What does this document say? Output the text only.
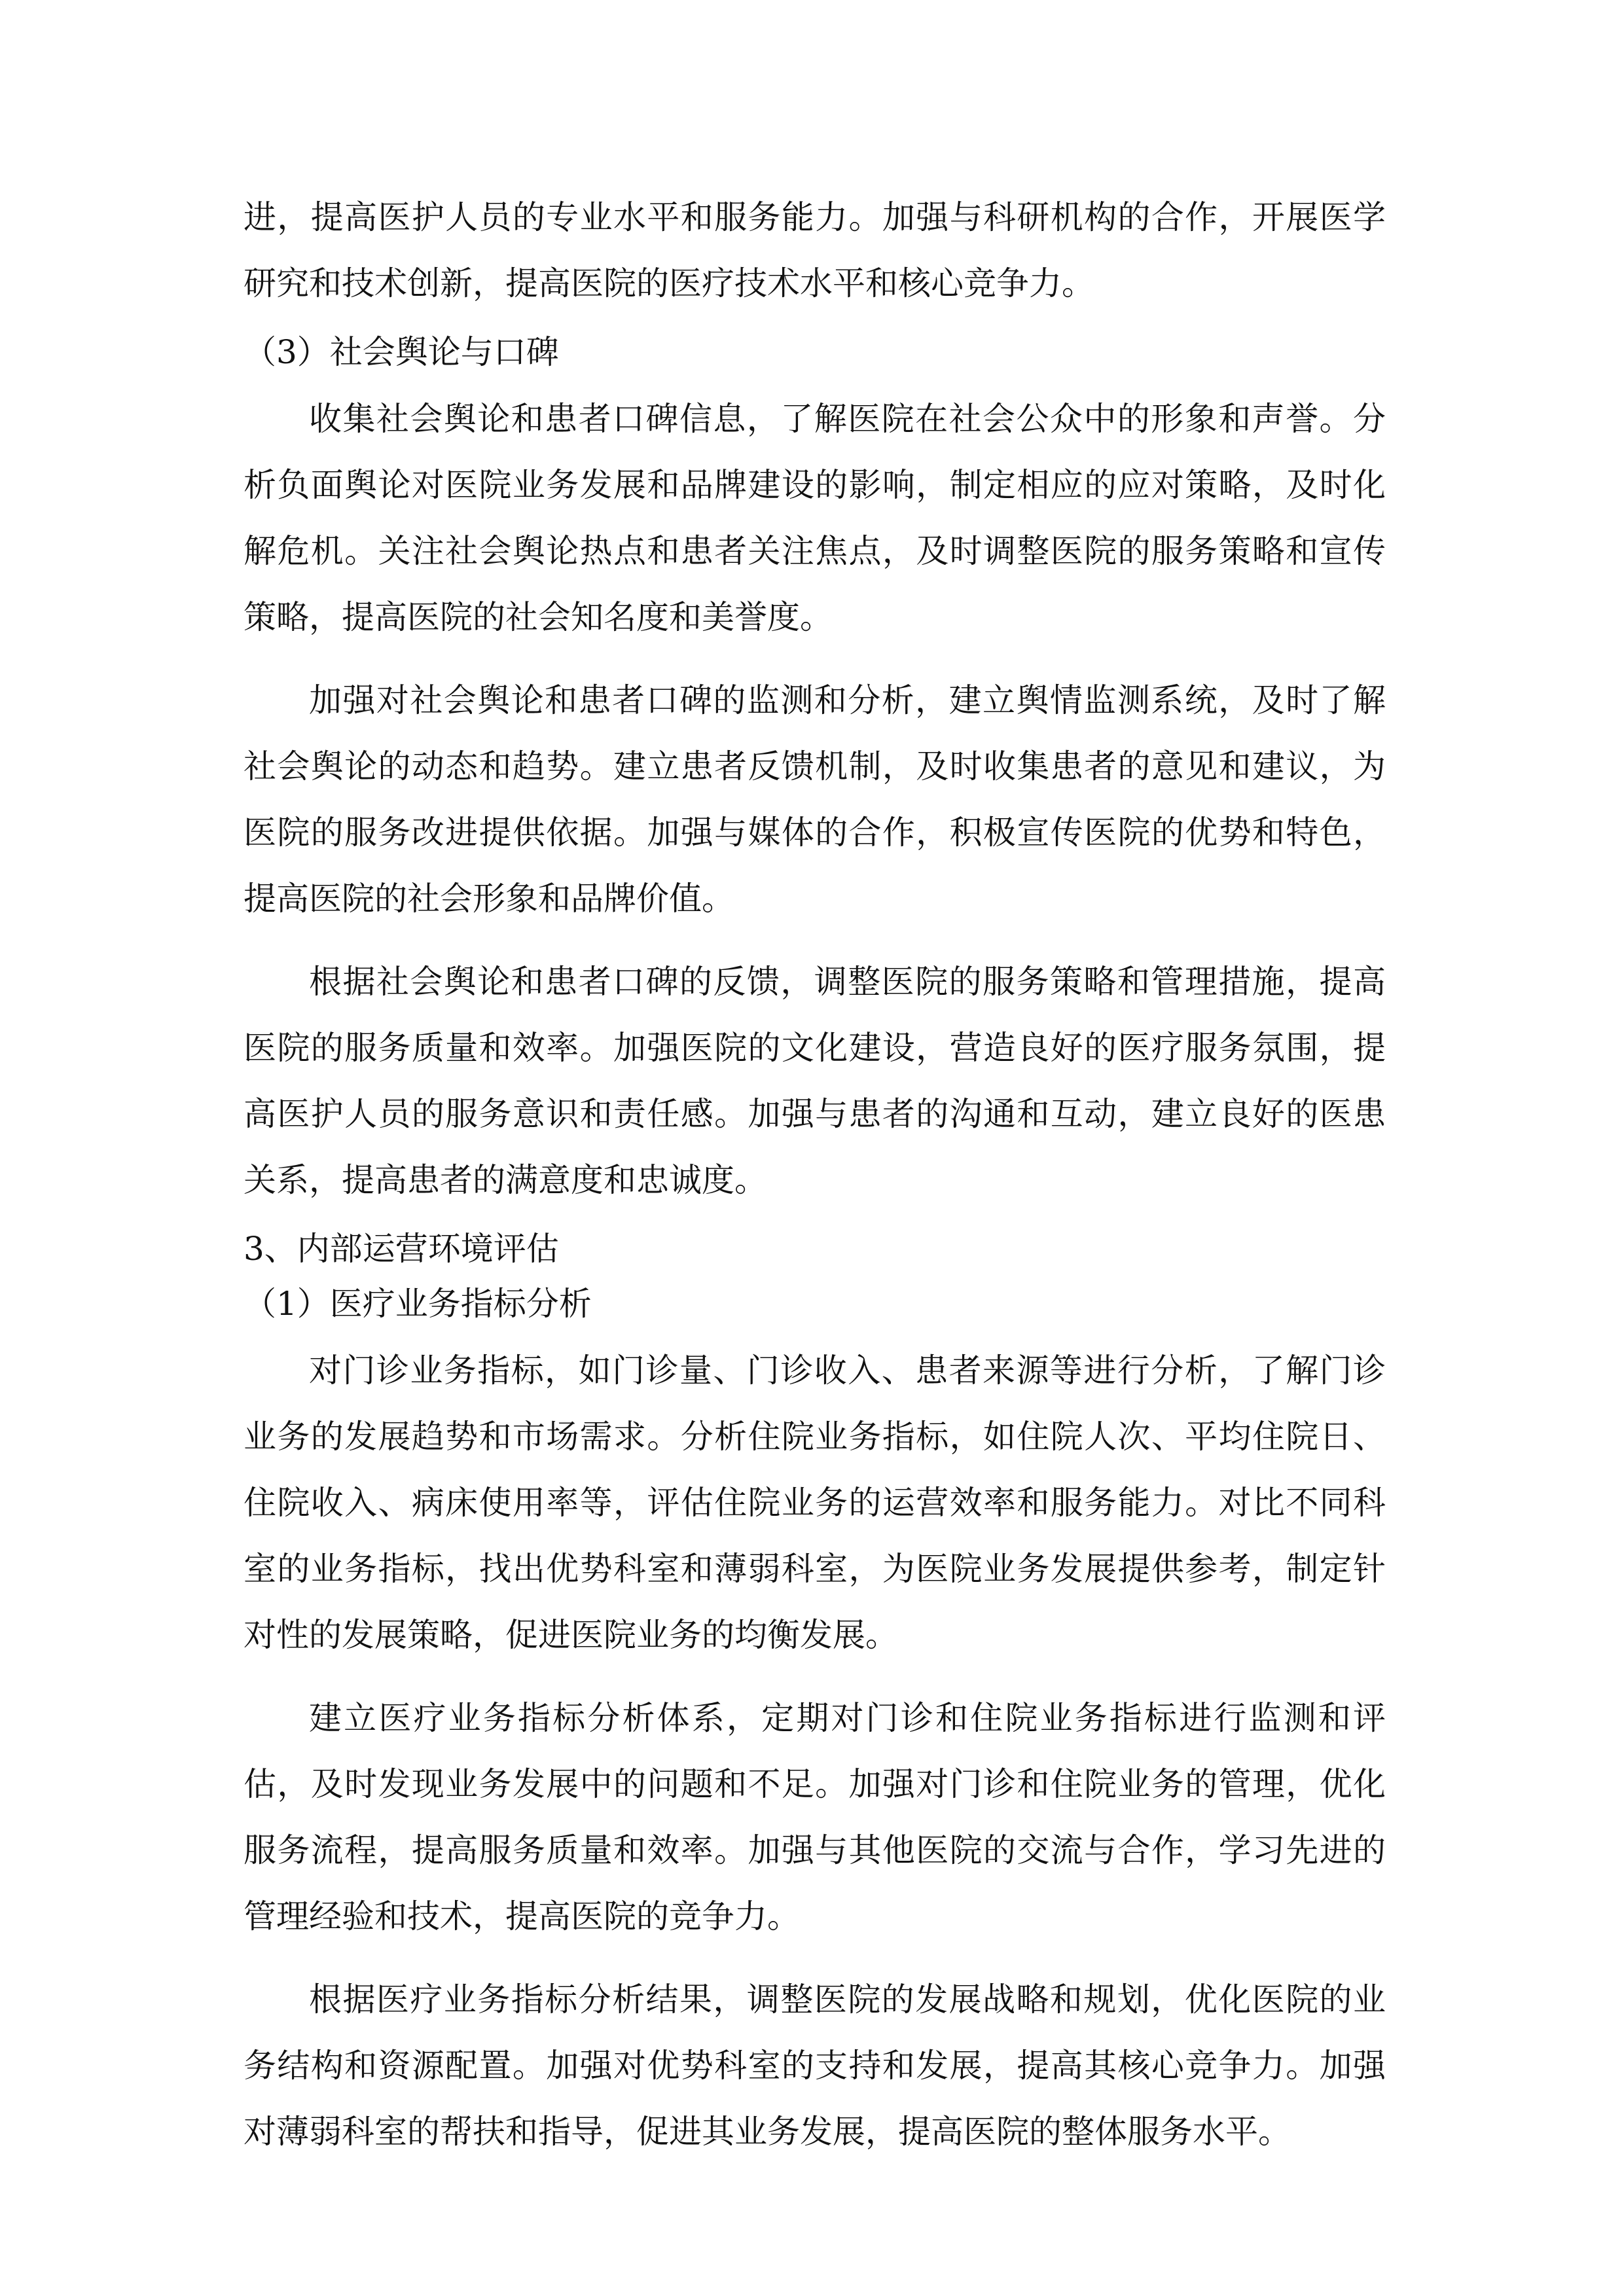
进，提高医护人员的专业水平和服务能力。加强与科研机构的合作，开展医学
研究和技术创新，提高医院的医疗技术水平和核心竞争力。
（3）社会舆论与口碑
收集社会舆论和患者口碑信息，了解医院在社会公众中的形象和声誉。分
析负面舆论对医院业务发展和品牌建设的影响，制定相应的应对策略，及时化
解危机。关注社会舆论热点和患者关注焦点，及时调整医院的服务策略和宣传
策略，提高医院的社会知名度和美誉度。
加强对社会舆论和患者口碑的监测和分析，建立舆情监测系统，及时了解
社会舆论的动态和趋势。建立患者反馈机制，及时收集患者的意见和建议，为
医院的服务改进提供依据。加强与媒体的合作，积极宣传医院的优势和特色，
提高医院的社会形象和品牌价值。
根据社会舆论和患者口碑的反馈，调整医院的服务策略和管理措施，提高
医院的服务质量和效率。加强医院的文化建设，营造良好的医疗服务氛围，提
高医护人员的服务意识和责任感。加强与患者的沟通和互动，建立良好的医患
关系，提高患者的满意度和忠诚度。
3、内部运营环境评估
（1）医疗业务指标分析
对门诊业务指标，如门诊量、门诊收入、患者来源等进行分析，了解门诊
业务的发展趋势和市场需求。分析住院业务指标，如住院人次、平均住院日、
住院收入、病床使用率等，评估住院业务的运营效率和服务能力。对比不同科
室的业务指标，找出优势科室和薄弱科室，为医院业务发展提供参考，制定针
对性的发展策略，促进医院业务的均衡发展。
建立医疗业务指标分析体系，定期对门诊和住院业务指标进行监测和评
估，及时发现业务发展中的问题和不足。加强对门诊和住院业务的管理，优化
服务流程，提高服务质量和效率。加强与其他医院的交流与合作，学习先进的
管理经验和技术，提高医院的竞争力。
根据医疗业务指标分析结果，调整医院的发展战略和规划，优化医院的业
务结构和资源配置。加强对优势科室的支持和发展，提高其核心竞争力。加强
对薄弱科室的帮扶和指导，促进其业务发展，提高医院的整体服务水平。
